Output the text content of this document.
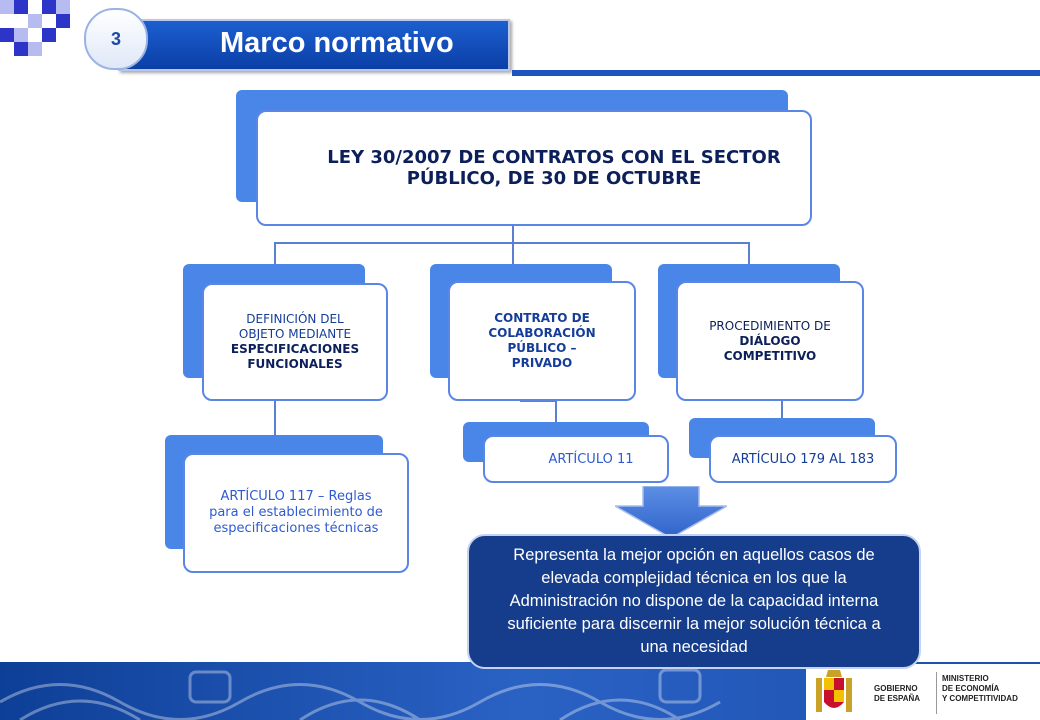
Marco normativo
3
LEY 30/2007 DE CONTRATOS CON EL SECTOR
PÚBLICO, DE 30 DE OCTUBRE
DEFINICIÓN DEL
OBJETO MEDIANTE
ESPECIFICACIONES
FUNCIONALES
CONTRATO DE
COLABORACIÓN
PÚBLICO –
PRIVADO
PROCEDIMIENTO DE
DIÁLOGO
COMPETITIVO
ARTÍCULO 117 – Reglas
para el establecimiento de
especificaciones técnicas
ARTÍCULO 11	ARTÍCULO 179 AL 183
GOBIERNO
DE ESPAÑA
MINISTERIO
DE ECONOMÍA
Y COMPETITIVIDAD
Representa la mejor opción en aquellos casos de
elevada complejidad técnica en los que la
Administración no dispone de la capacidad interna
suficiente para discernir la mejor solución técnica a
una necesidad
